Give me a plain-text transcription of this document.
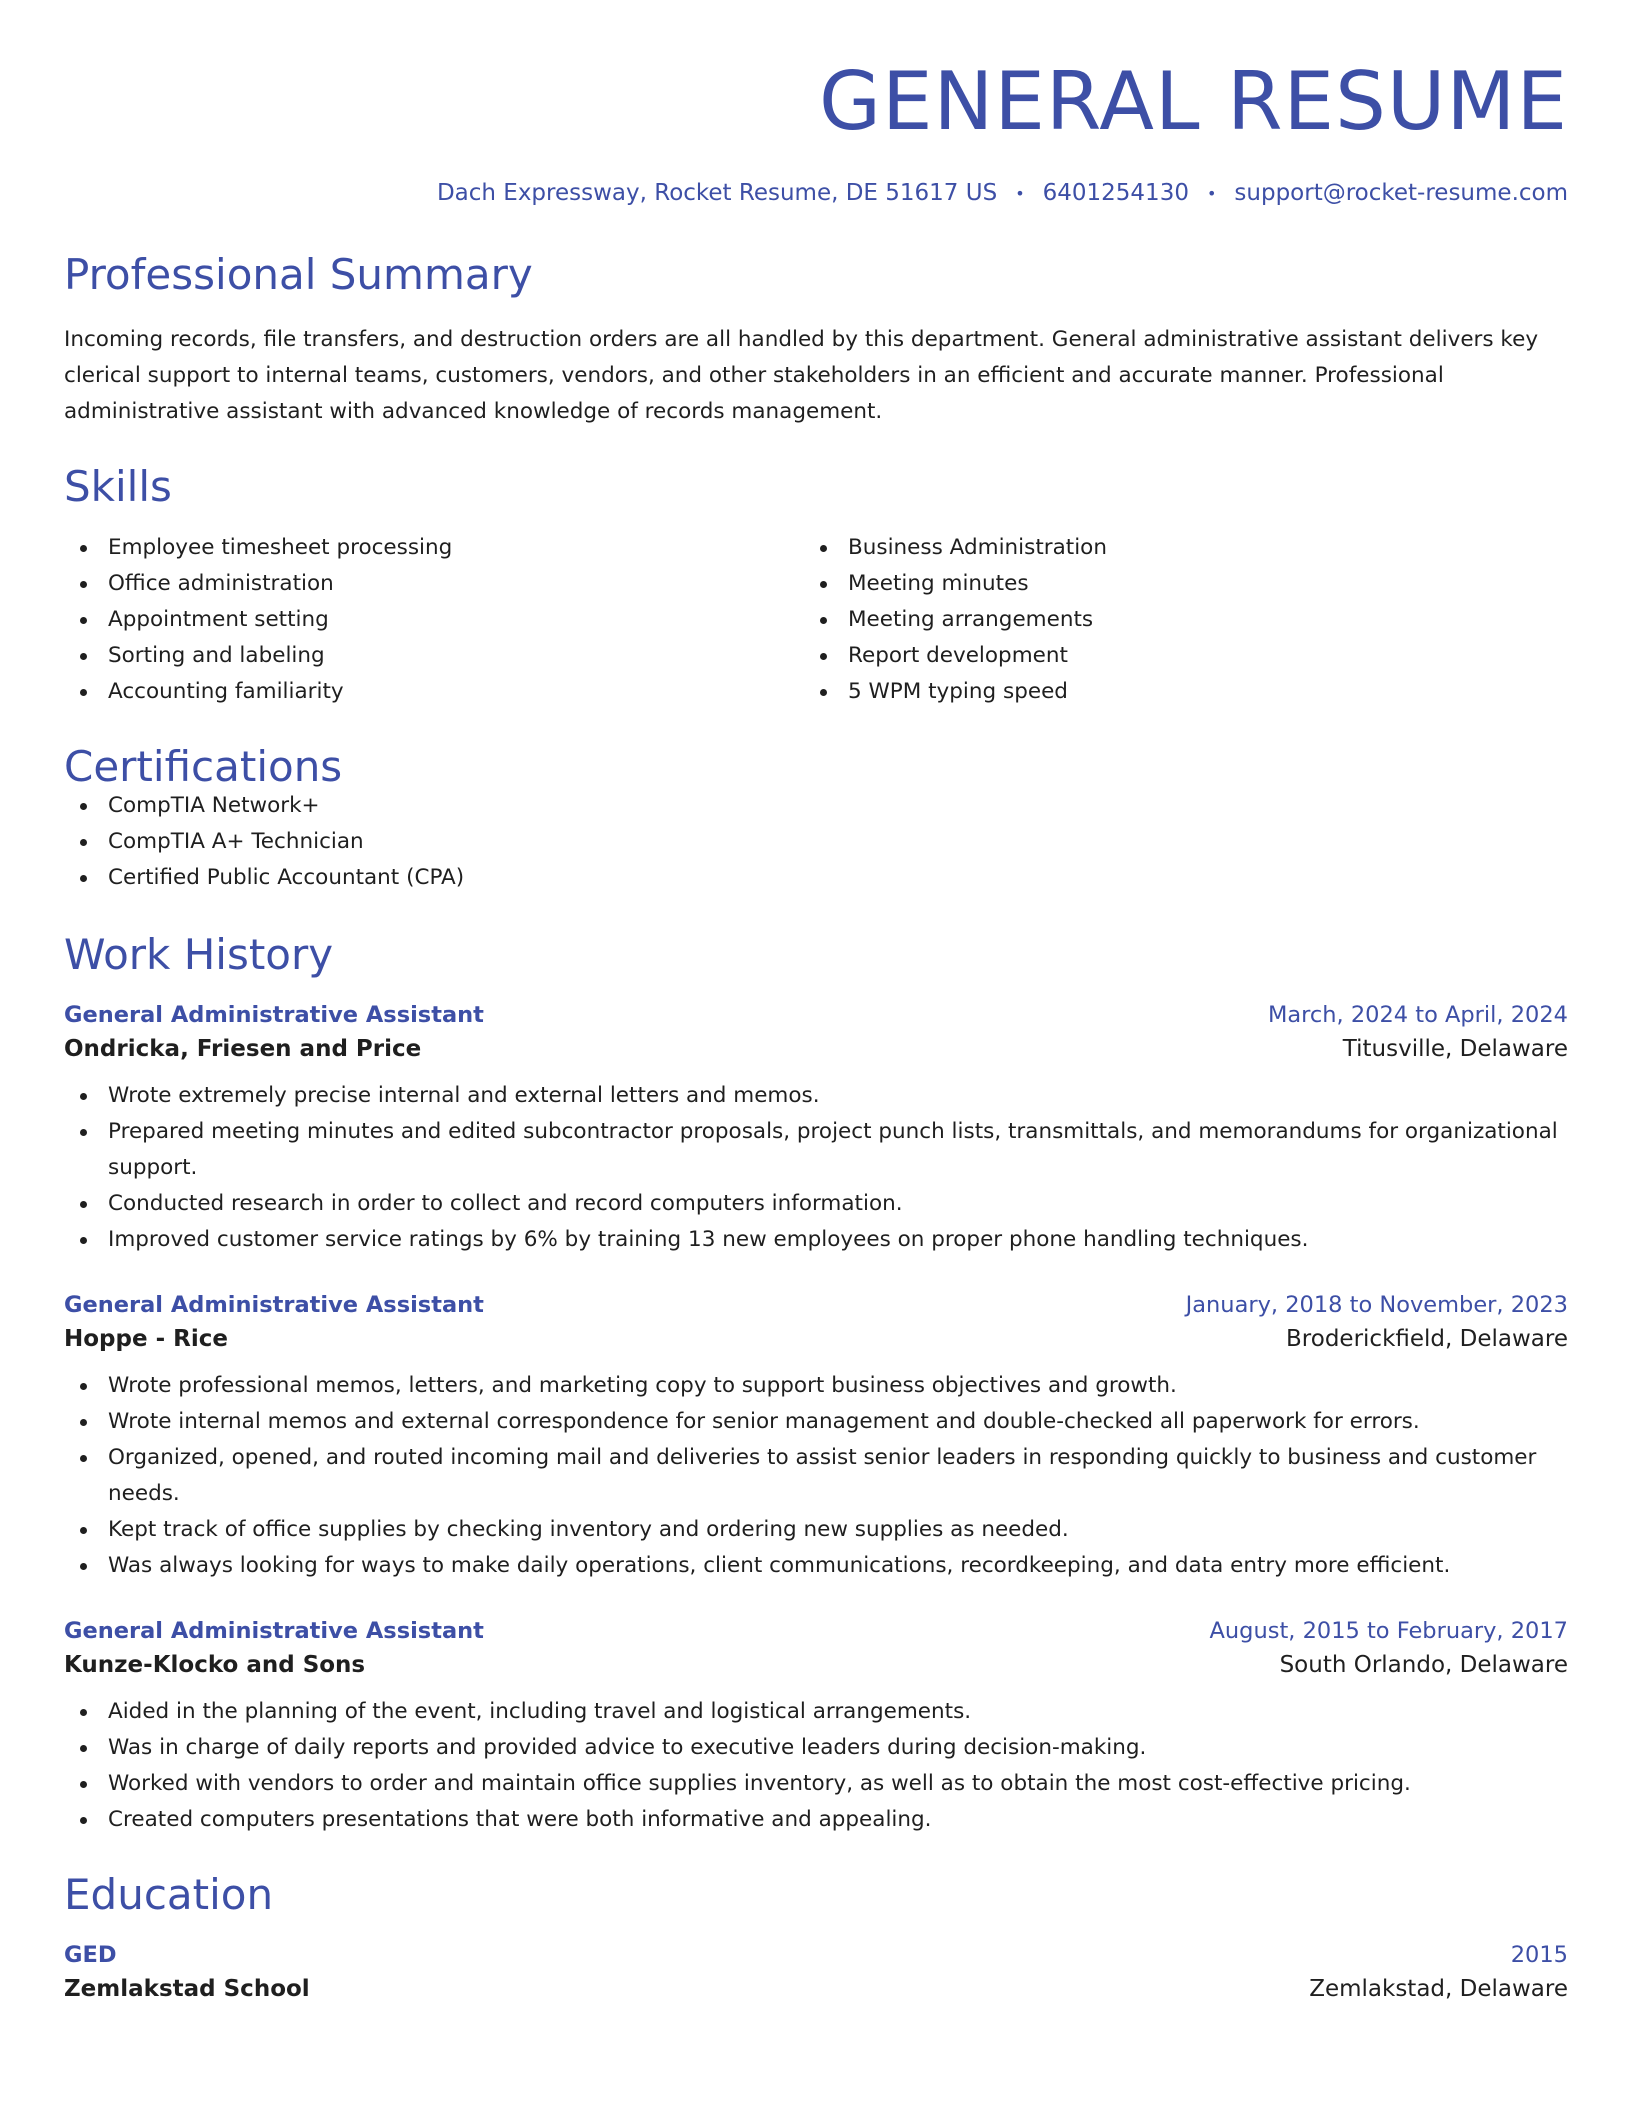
GENERAL RESUME
Dach Expressway, Rocket Resume, DE 51617 US • 6401254130 • support@rocket-resume.com
Professional Summary
Incoming records, file transfers, and destruction orders are all handled by this department. General administrative assistant delivers key clerical support to internal teams, customers, vendors, and other stakeholders in an efficient and accurate manner. Professional administrative assistant with advanced knowledge of records management.
Skills
Employee timesheet processing
Office administration
Appointment setting
Sorting and labeling
Accounting familiarity
Business Administration
Meeting minutes
Meeting arrangements
Report development
5 WPM typing speed
Certifications
CompTIA Network+
CompTIA A+ Technician
Certified Public Accountant (CPA)
Work History
General Administrative Assistant	March, 2024 to April, 2024
Ondricka, Friesen and Price	Titusville, Delaware
Wrote extremely precise internal and external letters and memos.
Prepared meeting minutes and edited subcontractor proposals, project punch lists, transmittals, and memorandums for organizational support.
Conducted research in order to collect and record computers information.
Improved customer service ratings by 6% by training 13 new employees on proper phone handling techniques.
General Administrative Assistant	January, 2018 to November, 2023
Hoppe - Rice	Broderickfield, Delaware
Wrote professional memos, letters, and marketing copy to support business objectives and growth.
Wrote internal memos and external correspondence for senior management and double-checked all paperwork for errors.
Organized, opened, and routed incoming mail and deliveries to assist senior leaders in responding quickly to business and customer needs.
Kept track of office supplies by checking inventory and ordering new supplies as needed.
Was always looking for ways to make daily operations, client communications, recordkeeping, and data entry more efficient.
General Administrative Assistant	August, 2015 to February, 2017
Kunze-Klocko and Sons	South Orlando, Delaware
Aided in the planning of the event, including travel and logistical arrangements.
Was in charge of daily reports and provided advice to executive leaders during decision-making.
Worked with vendors to order and maintain office supplies inventory, as well as to obtain the most cost-effective pricing.
Created computers presentations that were both informative and appealing.
Education
GED	2015
Zemlakstad School	Zemlakstad, Delaware
